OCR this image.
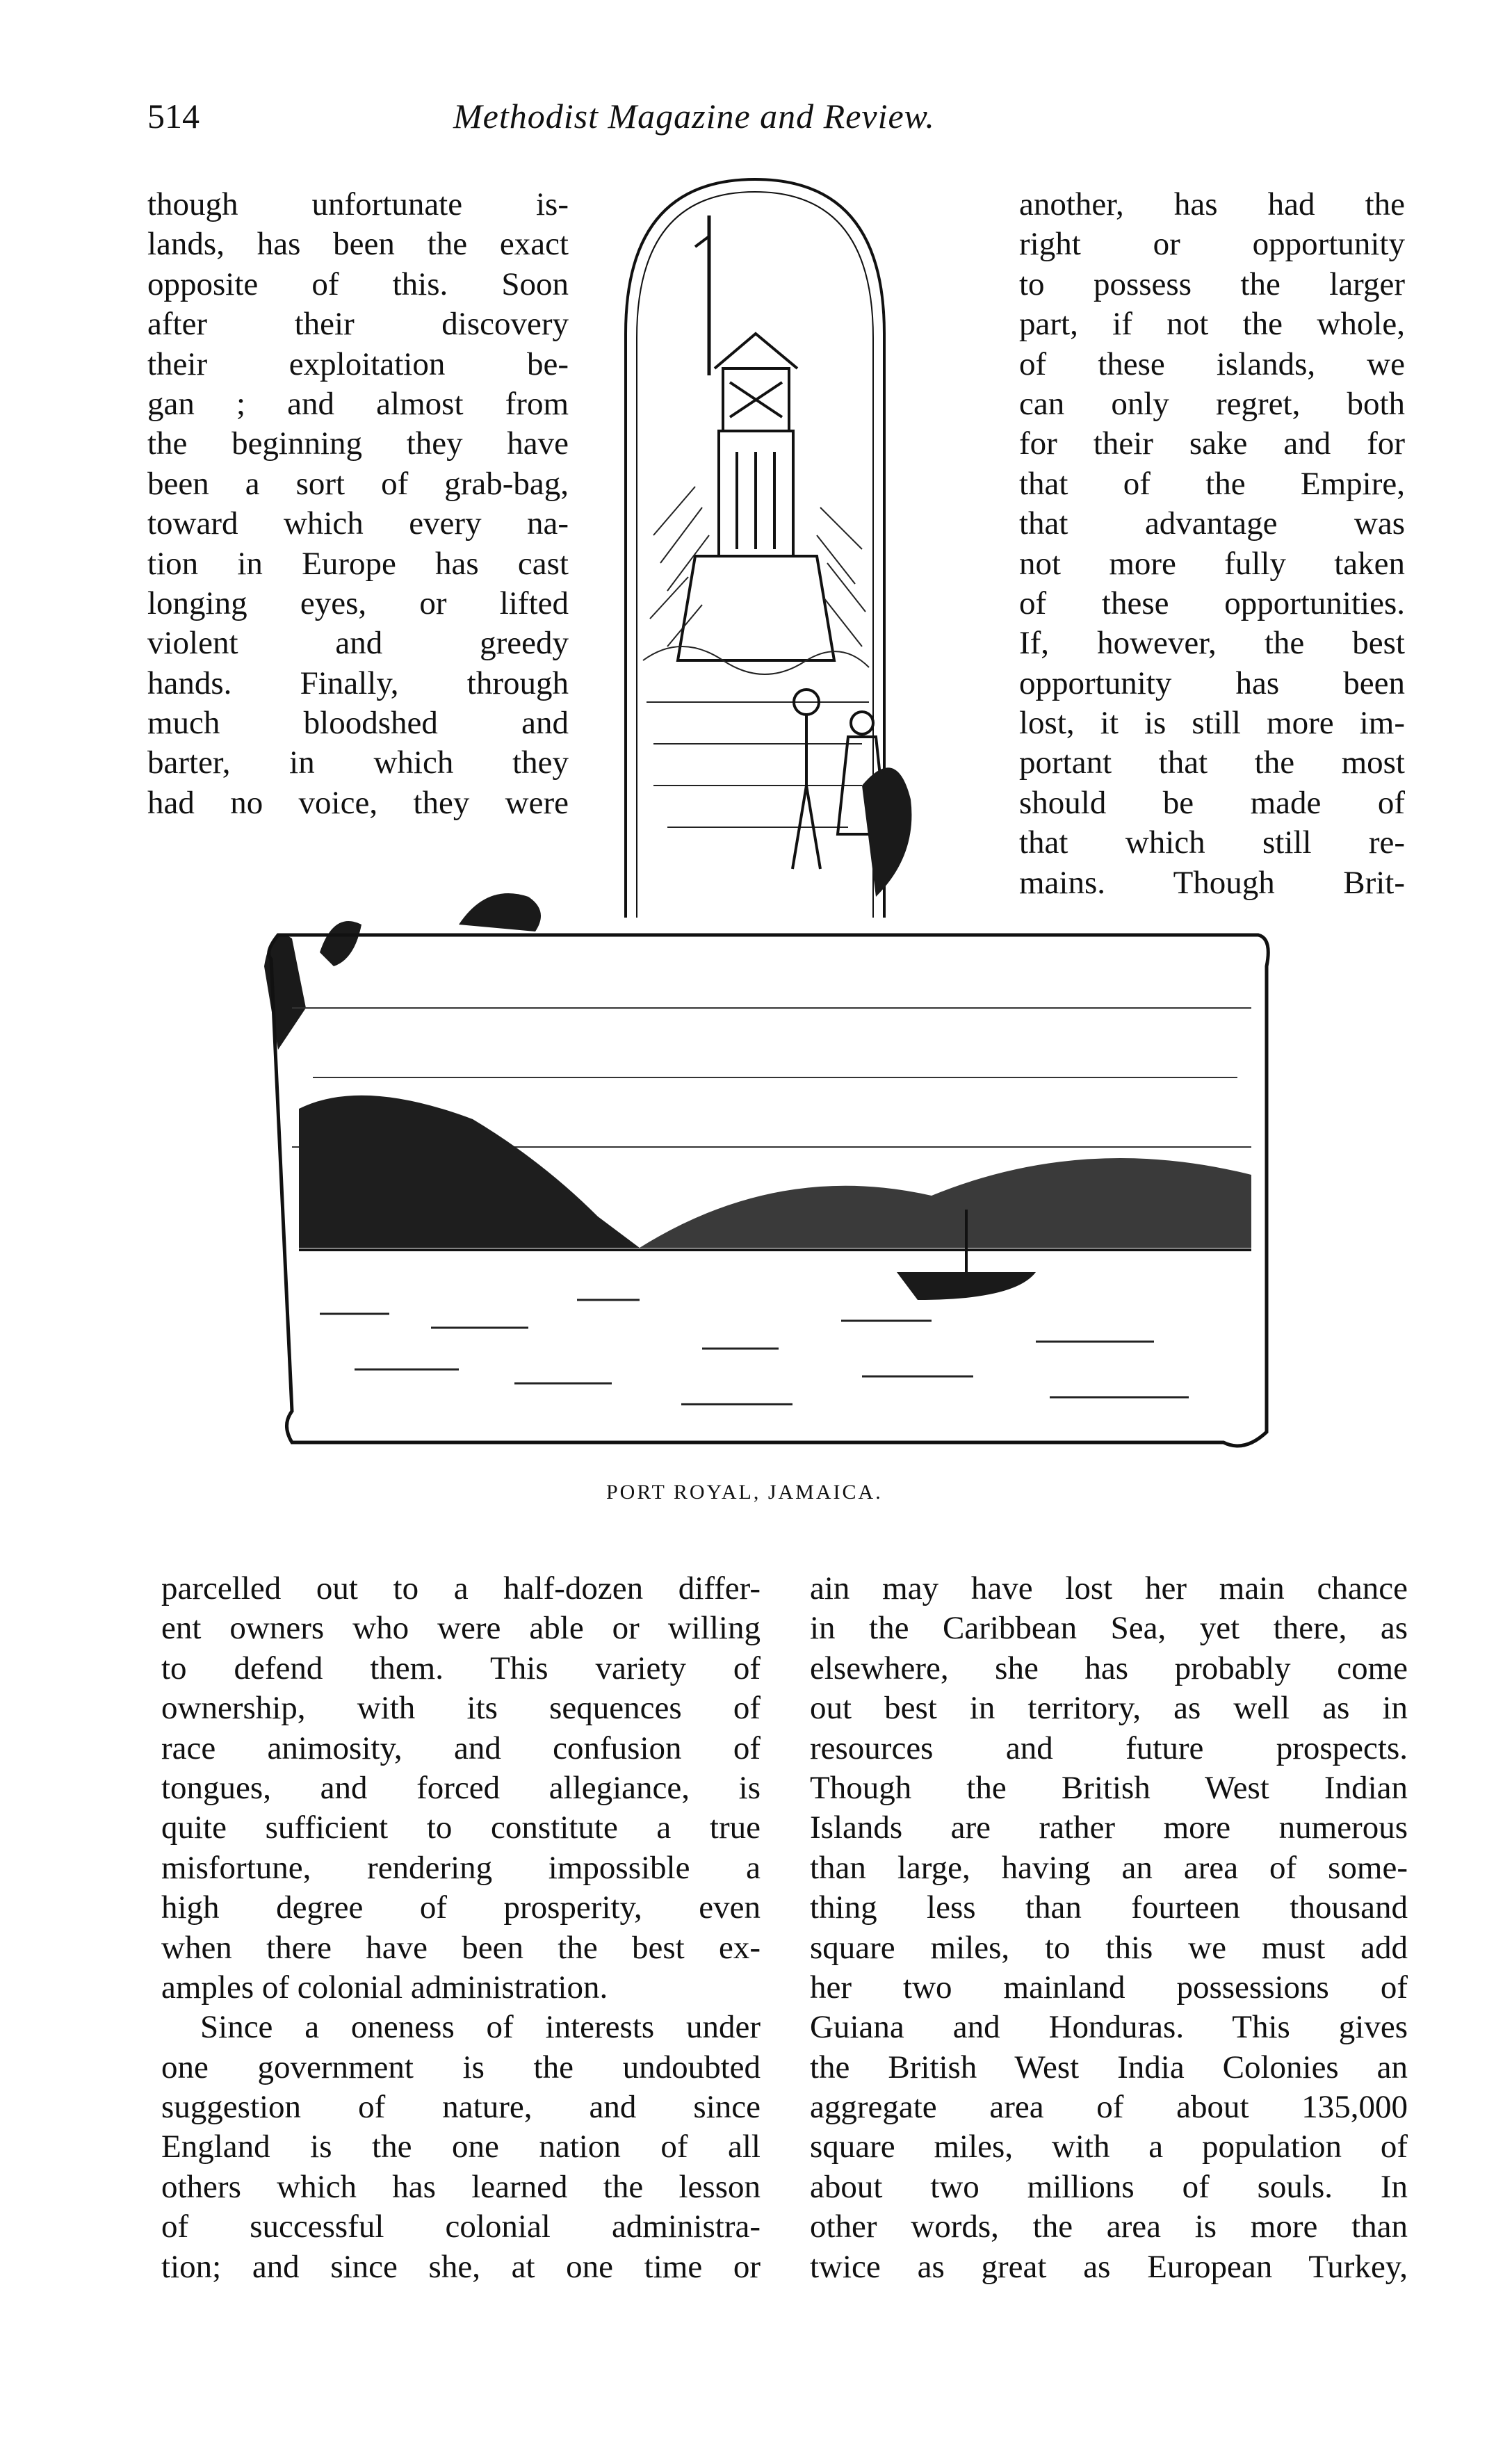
514	Methodist Magazine and Review.
though unfortunate is-
lands, has been the exact
opposite of this. Soon
after their discovery
their exploitation be-
gan ; and almost from
the beginning they have
been a sort of grab-bag,
toward which every na-
tion in Europe has cast
longing eyes, or lifted
violent and greedy
hands. Finally, through
much bloodshed and
barter, in which they
had no voice, they were
another, has had the
right or opportunity
to possess the larger
part, if not the whole,
of these islands, we
can only regret, both
for their sake and for
that of the Empire,
that advantage was
not more fully taken
of these opportunities.
If, however, the best
opportunity has been
lost, it is still more im-
portant that the most
should be made of
that which still re-
mains. Though Brit-
PORT ROYAL, JAMAICA.
parcelled out to a half-dozen differ-
ent owners who were able or willing
to defend them. This variety of
ownership, with its sequences of
race animosity, and confusion of
tongues, and forced allegiance, is
quite sufficient to constitute a true
misfortune, rendering impossible a
high degree of prosperity, even
when there have been the best ex-
amples of colonial administration.
Since a oneness of interests under
one government is the undoubted
suggestion of nature, and since
England is the one nation of all
others which has learned the lesson
of successful colonial administra-
tion; and since she, at one time or
ain may have lost her main chance
in the Caribbean Sea, yet there, as
elsewhere, she has probably come
out best in territory, as well as in
resources and future prospects.
Though the British West Indian
Islands are rather more numerous
than large, having an area of some-
thing less than fourteen thousand
square miles, to this we must add
her two mainland possessions of
Guiana and Honduras. This gives
the British West India Colonies an
aggregate area of about 135,000
square miles, with a population of
about two millions of souls. In
other words, the area is more than
twice as great as European Turkey,
